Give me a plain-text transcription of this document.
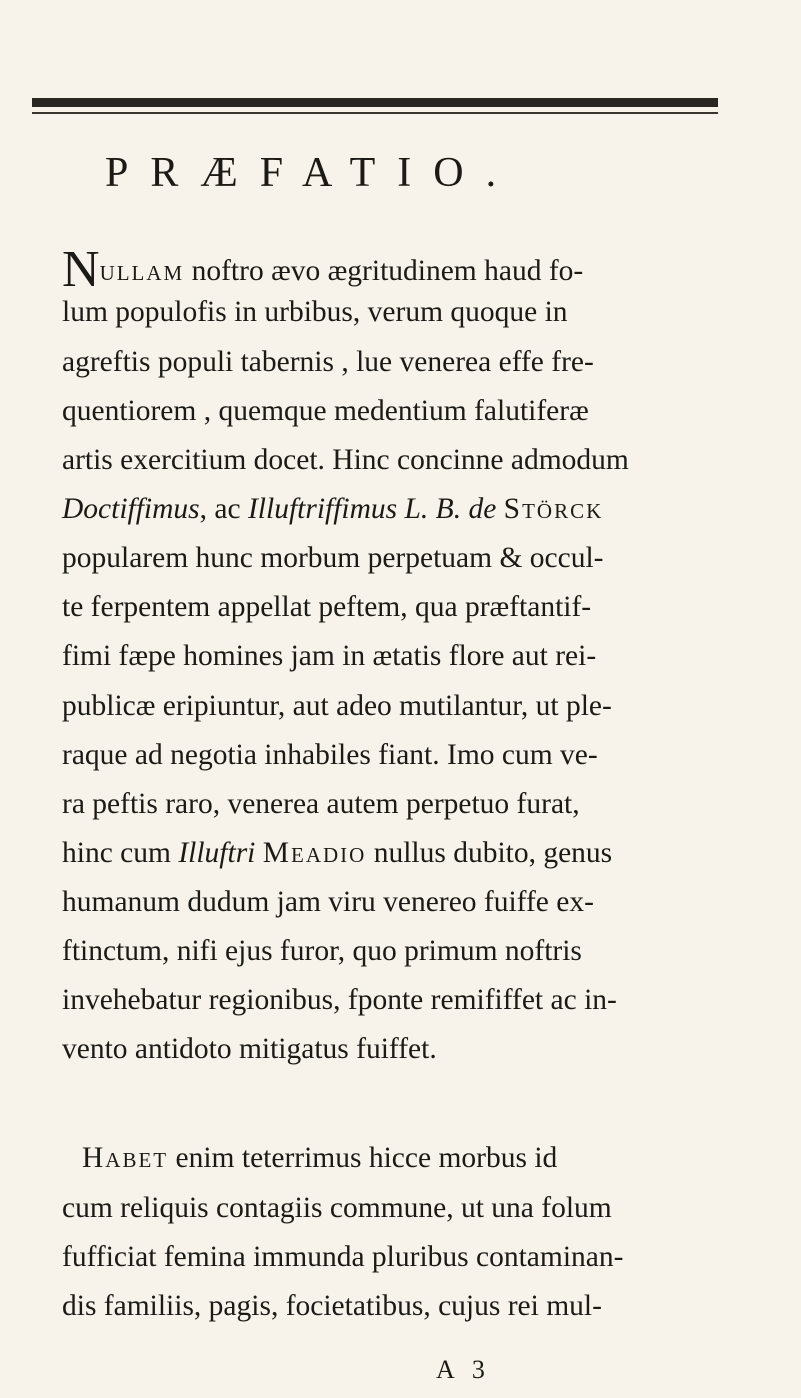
PRÆFATIO.
Nullam noftro ævo ægritudinem haud fo-
lum populofis in urbibus, verum quoque in
agreftis populi tabernis , lue venerea effe fre-
quentiorem , quemque medentium falutiferæ
artis exercitium docet. Hinc concinne admodum
Doctiffimus, ac Illuftriffimus L. B. de Störck
popularem hunc morbum perpetuam & occul-
te ferpentem appellat peftem, qua præftantif-
fimi fæpe homines jam in ætatis flore aut rei-
publicæ eripiuntur, aut adeo mutilantur, ut ple-
raque ad negotia inhabiles fiant. Imo cum ve-
ra peftis raro, venerea autem perpetuo furat,
hinc cum Illuftri Meadio nullus dubito, genus
humanum dudum jam viru venereo fuiffe ex-
ftinctum, nifi ejus furor, quo primum noftris
invehebatur regionibus, fponte remififfet ac in-
vento antidoto mitigatus fuiffet.
Habet enim teterrimus hicce morbus id
cum reliquis contagiis commune, ut una folum
fufficiat femina immunda pluribus contaminan-
dis familiis, pagis, focietatibus, cujus rei mul-
A 3
